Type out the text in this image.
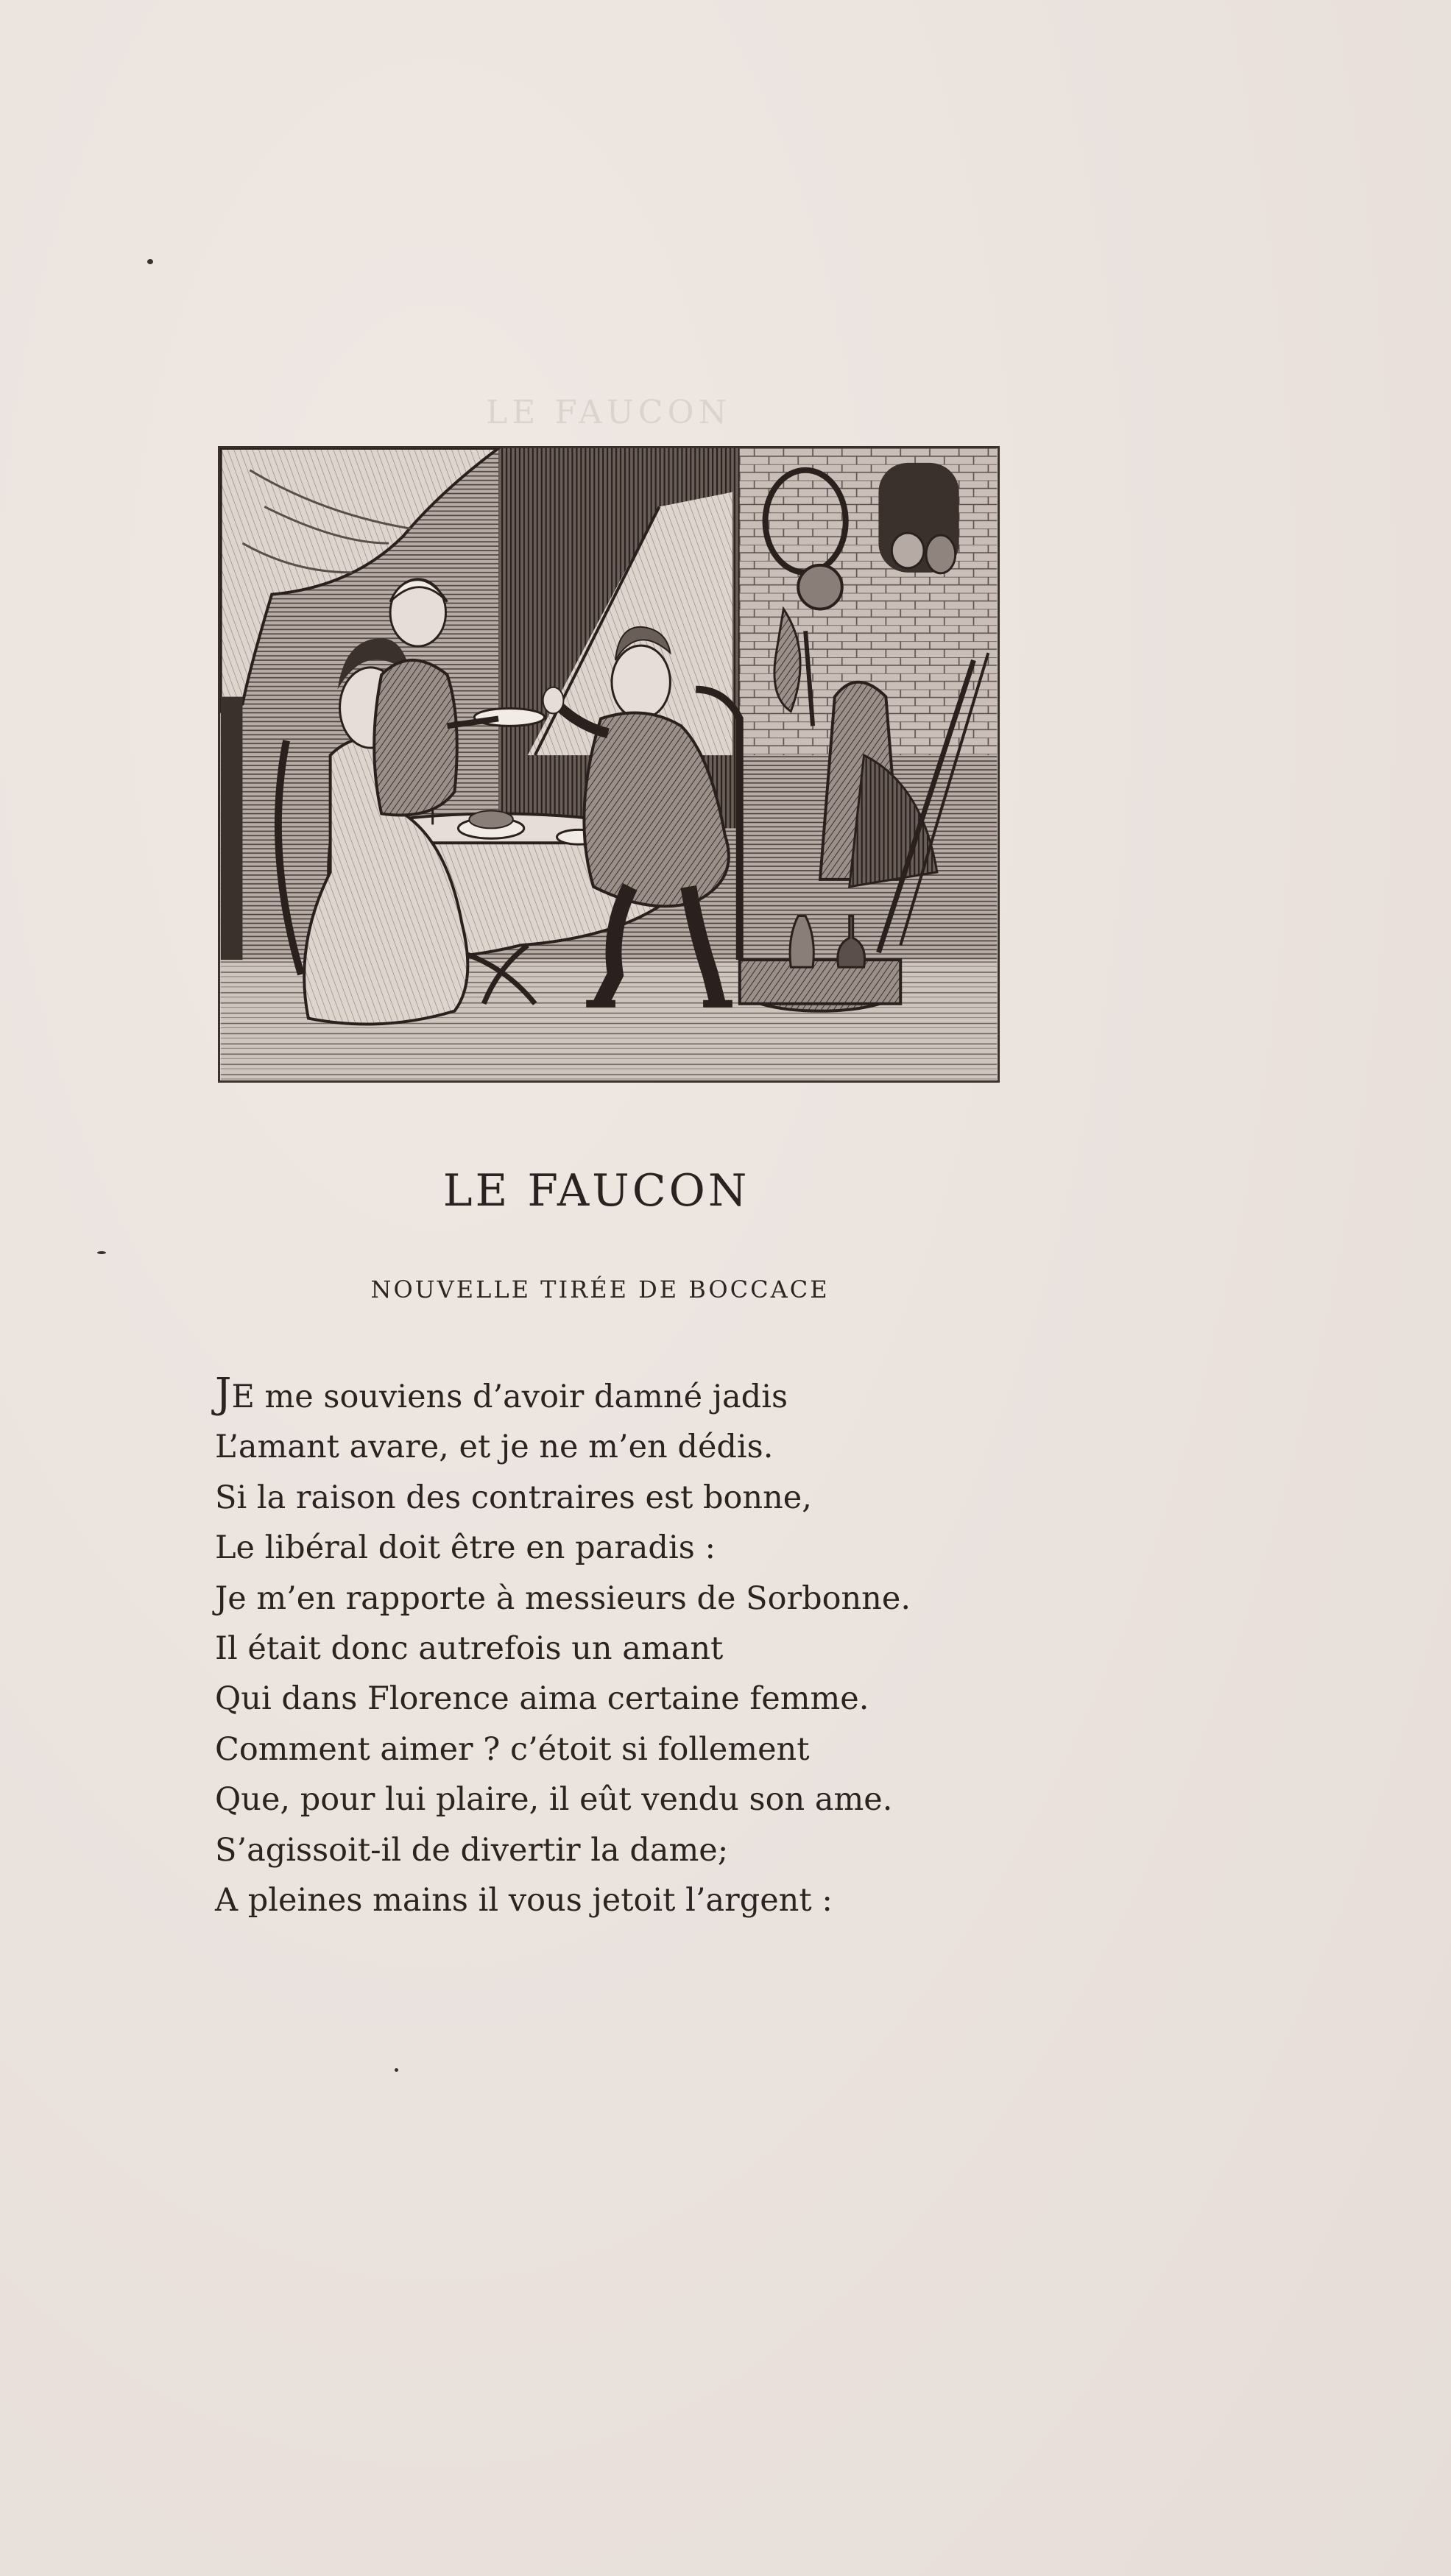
LE FAUCON
LE FAUCON
NOUVELLE TIRÉE DE BOCCACE
JE me souviens d’avoir damné jadis
L’amant avare, et je ne m’en dédis.
Si la raison des contraires est bonne,
Le libéral doit être en paradis :
Je m’en rapporte à messieurs de Sorbonne.
Il était donc autrefois un amant
Qui dans Florence aima certaine femme.
Comment aimer ? c’étoit si follement
Que, pour lui plaire, il eût vendu son ame.
S’agissoit-il de divertir la dame;
A pleines mains il vous jetoit l’argent :
